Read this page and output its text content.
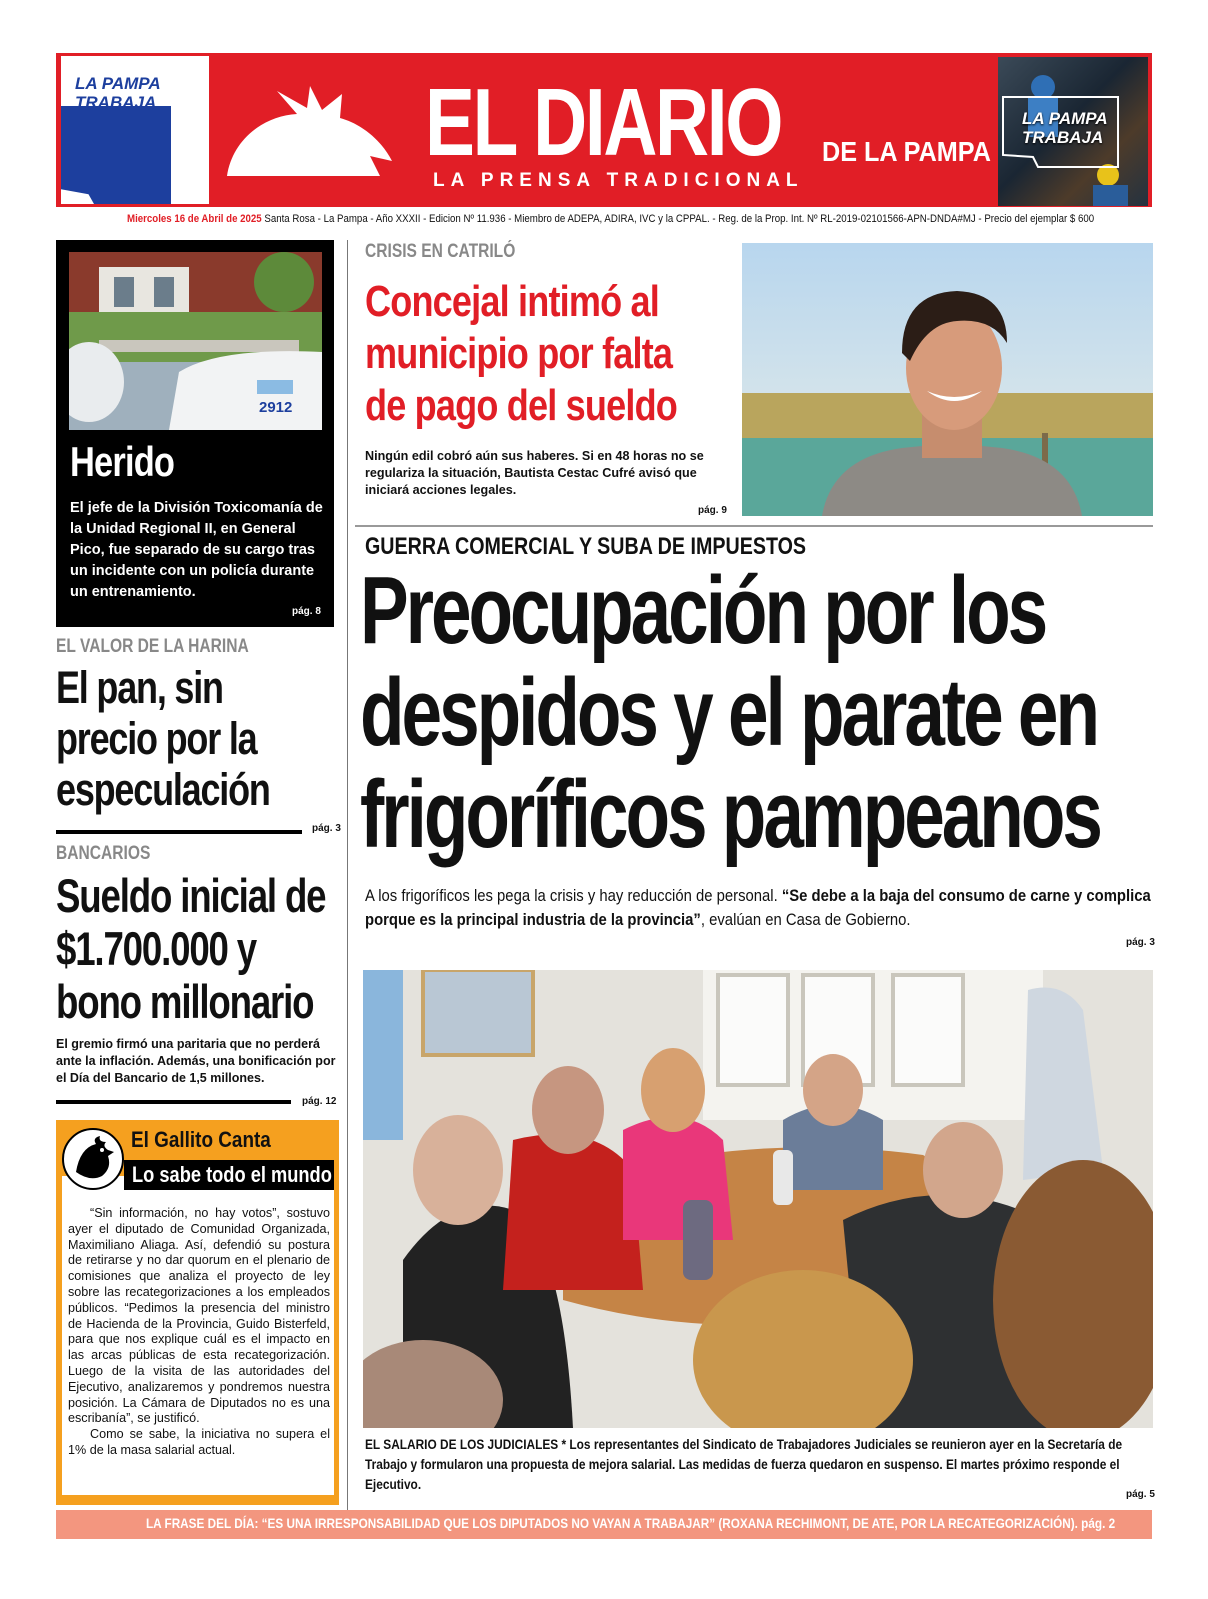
LA PAMPA TRABAJA	EL DIARIO DE LA PAMPA
LA PRENSA TRADICIONAL
LA PAMPA TRABAJA
Miercoles 16 de Abril de 2025 Santa Rosa - La Pampa - Año XXXII - Edicion Nº 11.936 - Miembro de ADEPA, ADIRA, IVC y la CPPAL. - Reg. de la Prop. Int. Nº RL-2019-02101566-APN-DNDA#MJ - Precio del ejemplar $ 600
2912
Herido
El jefe de la División Toxicomanía de la Unidad Regional II, en General Pico, fue separado de su cargo tras un incidente con un policía durante un entrenamiento.
pág. 8
EL VALOR DE LA HARINA
El pan, sin precio por la especulación
pág. 3
BANCARIOS
Sueldo inicial de $1.700.000 y bono millonario
El gremio firmó una paritaria que no perderá ante la inflación. Además, una bonificación por el Día del Bancario de 1,5 millones.
pág. 12
El Gallito Canta
Lo sabe todo el mundo

“Sin información, no hay votos”, sostuvo ayer el diputado de Comunidad Organizada, Maximiliano Aliaga. Así, defendió su postura de retirarse y no dar quorum en el plenario de comisiones que analiza el proyecto de ley sobre las recategorizaciones a los empleados públicos. “Pedimos la presencia del ministro de Hacienda de la Provincia, Guido Bisterfeld, para que nos explique cuál es el impacto en las arcas públicas de esta recategorización. Luego de la visita de las autoridades del Ejecutivo, analizaremos y pondremos nuestra posición. La Cámara de Diputados no es una escribanía”, se justificó.

Como se sabe, la iniciativa no supera el 1% de la masa salarial actual.

CRISIS EN CATRILÓ
Concejal intimó al municipio por falta de pago del sueldo
Ningún edil cobró aún sus haberes. Si en 48 horas no se regulariza la situación, Bautista Cestac Cufré avisó que iniciará acciones legales.
pág. 9
GUERRA COMERCIAL Y SUBA DE IMPUESTOS
Preocupación por los despidos y el parate en frigoríficos pampeanos
A los frigoríficos les pega la crisis y hay reducción de personal. “Se debe a la baja del consumo de carne y complica porque es la principal industria de la provincia”, evalúan en Casa de Gobierno.
pág. 3
EL SALARIO DE LOS JUDICIALES * Los representantes del Sindicato de Trabajadores Judiciales se reunieron ayer en la Secretaría de Trabajo y formularon una propuesta de mejora salarial. Las medidas de fuerza quedaron en suspenso. El martes próximo responde el Ejecutivo.
pág. 5
LA FRASE DEL DÍA: “ES UNA IRRESPONSABILIDAD QUE LOS DIPUTADOS NO VAYAN A TRABAJAR” (ROXANA RECHIMONT, DE ATE, POR LA RECATEGORIZACIÓN). pág. 2
